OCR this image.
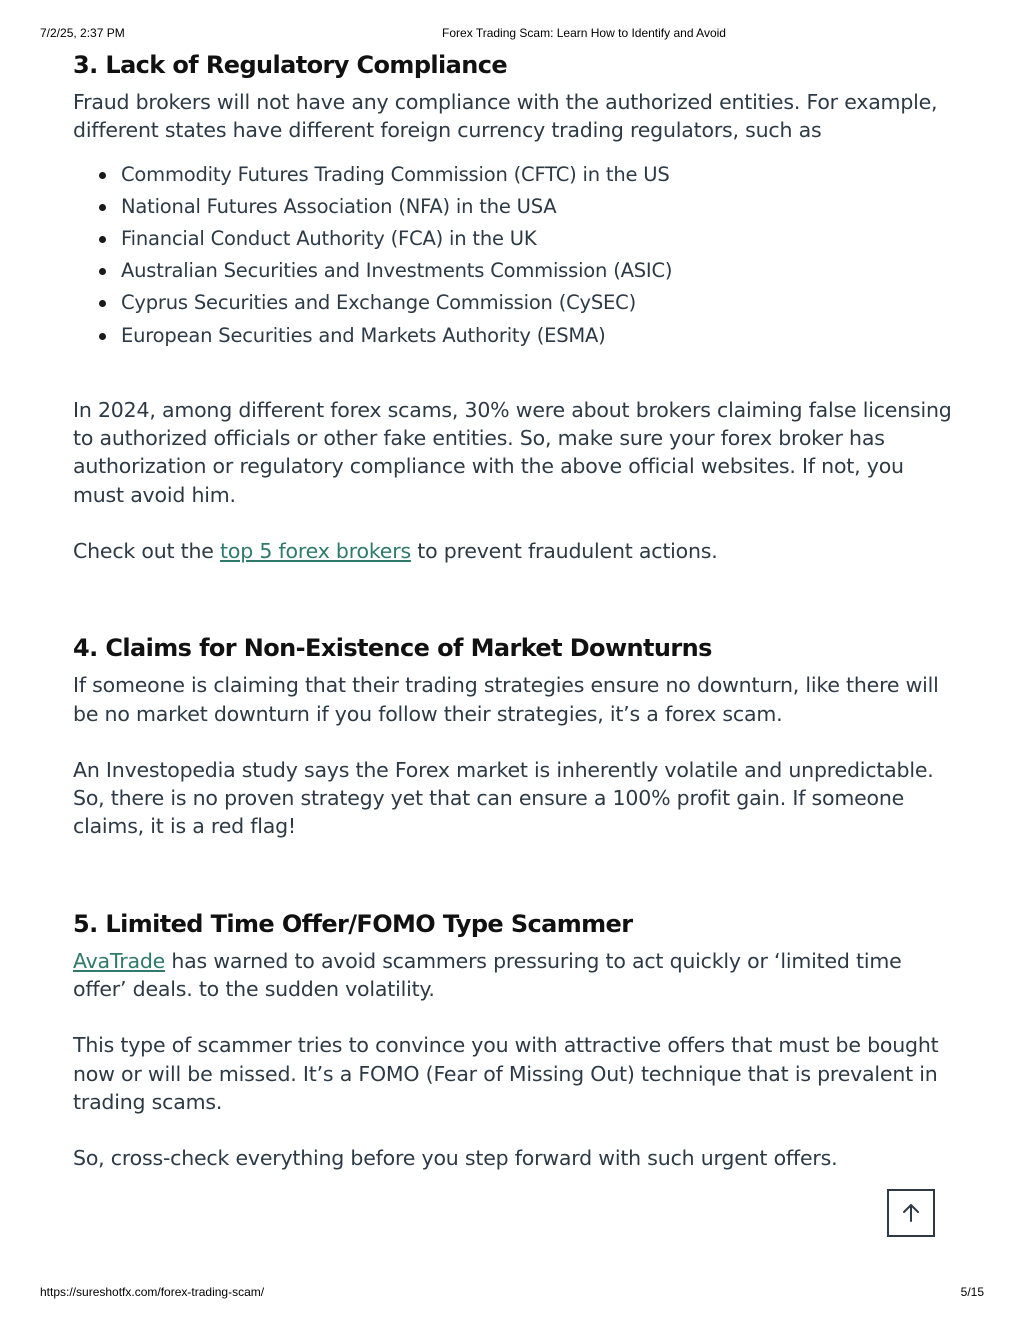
7/2/25, 2:37 PM	Forex Trading Scam: Learn How to Identify and Avoid
3. Lack of Regulatory Compliance

Fraud brokers will not have any compliance with the authorized entities. For example, different states have different foreign currency trading regulators, such as

Commodity Futures Trading Commission (CFTC) in the US
National Futures Association (NFA) in the USA
Financial Conduct Authority (FCA) in the UK
Australian Securities and Investments Commission (ASIC)
Cyprus Securities and Exchange Commission (CySEC)
European Securities and Markets Authority (ESMA)

In 2024, among different forex scams, 30% were about brokers claiming false licensing to authorized officials or other fake entities. So, make sure your forex broker has authorization or regulatory compliance with the above official websites. If not, you must avoid him.

Check out the top 5 forex brokers to prevent fraudulent actions.

4. Claims for Non-Existence of Market Downturns

If someone is claiming that their trading strategies ensure no downturn, like there will be no market downturn if you follow their strategies, it’s a forex scam.

An Investopedia study says the Forex market is inherently volatile and unpredictable. So, there is no proven strategy yet that can ensure a 100% profit gain. If someone claims, it is a red flag!

5. Limited Time Offer/FOMO Type Scammer

AvaTrade has warned to avoid scammers pressuring to act quickly or ‘limited time offer’ deals. to the sudden volatility.

This type of scammer tries to convince you with attractive offers that must be bought now or will be missed. It’s a FOMO (Fear of Missing Out) technique that is prevalent in trading scams.

So, cross-check everything before you step forward with such urgent offers.

https://sureshotfx.com/forex-trading-scam/	5/15
